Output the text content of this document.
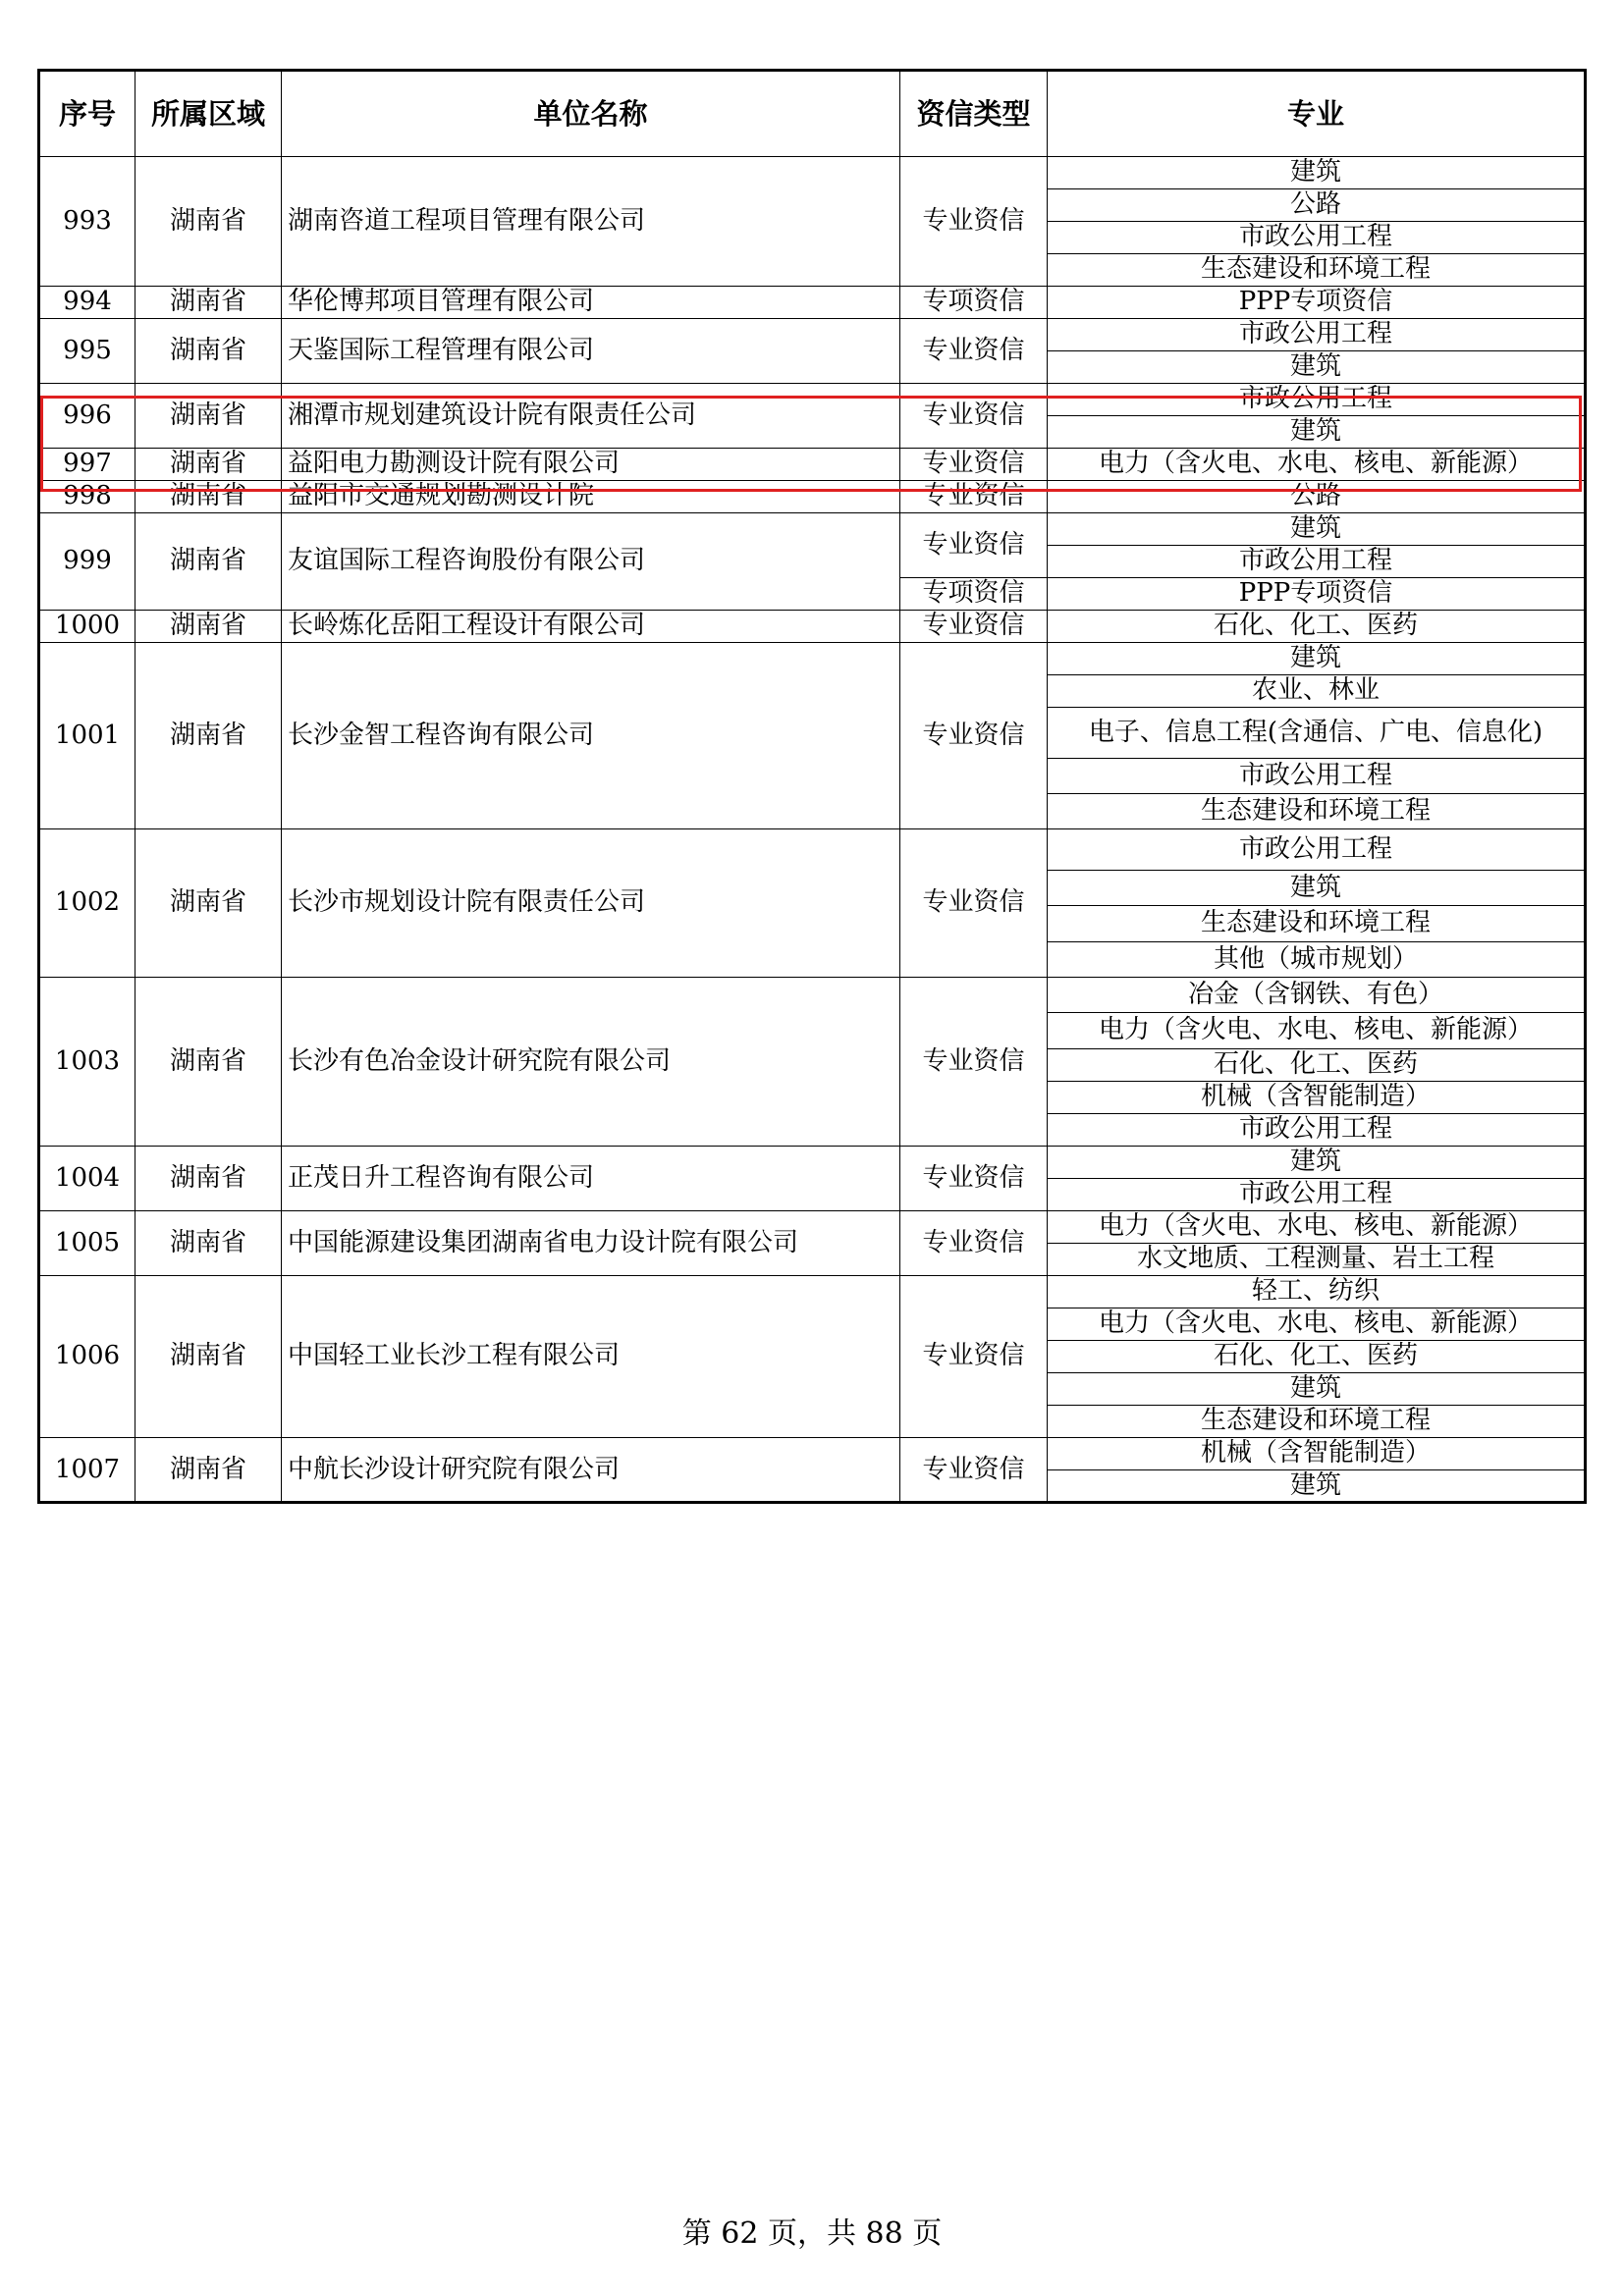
序号	所属区域	单位名称	资信类型	专业
993	湖南省	湖南咨道工程项目管理有限公司	专业资信	建筑
				公路
				市政公用工程
				生态建设和环境工程
994	湖南省	华伦博邦项目管理有限公司	专项资信	PPP专项资信
995	湖南省	天鉴国际工程管理有限公司	专业资信	市政公用工程
				建筑
996	湖南省	湘潭市规划建筑设计院有限责任公司	专业资信	市政公用工程
				建筑
997	湖南省	益阳电力勘测设计院有限公司	专业资信	电力（含火电、水电、核电、新能源）
998	湖南省	益阳市交通规划勘测设计院	专业资信	公路
999	湖南省	友谊国际工程咨询股份有限公司	专业资信	建筑
				市政公用工程
			专项资信	PPP专项资信
1000	湖南省	长岭炼化岳阳工程设计有限公司	专业资信	石化、化工、医药
1001	湖南省	长沙金智工程咨询有限公司	专业资信	建筑
				农业、林业
				电子、信息工程(含通信、广电、信息化)
				市政公用工程
				生态建设和环境工程
1002	湖南省	长沙市规划设计院有限责任公司	专业资信	市政公用工程
				建筑
				生态建设和环境工程
				其他（城市规划）
1003	湖南省	长沙有色冶金设计研究院有限公司	专业资信	冶金（含钢铁、有色）
				电力（含火电、水电、核电、新能源）
				石化、化工、医药
				机械（含智能制造）
				市政公用工程
1004	湖南省	正茂日升工程咨询有限公司	专业资信	建筑
				市政公用工程
1005	湖南省	中国能源建设集团湖南省电力设计院有限公司	专业资信	电力（含火电、水电、核电、新能源）
				水文地质、工程测量、岩土工程
1006	湖南省	中国轻工业长沙工程有限公司	专业资信	轻工、纺织
				电力（含火电、水电、核电、新能源）
				石化、化工、医药
				建筑
				生态建设和环境工程
1007	湖南省	中航长沙设计研究院有限公司	专业资信	机械（含智能制造）
				建筑
第 62 页，共 88 页
